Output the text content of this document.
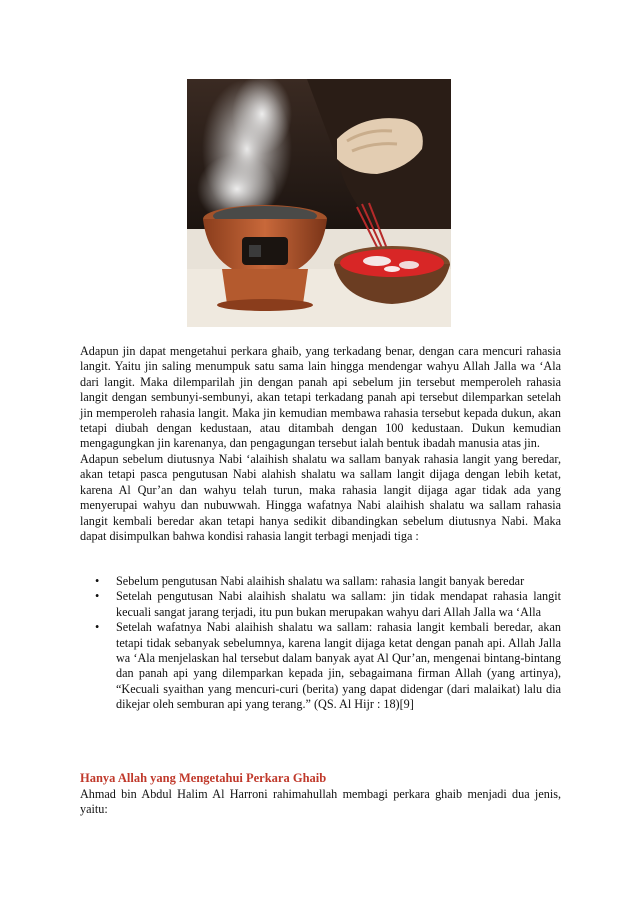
Adapun jin dapat mengetahui perkara ghaib, yang terkadang benar, dengan cara mencuri rahasia langit. Yaitu jin saling menumpuk satu sama lain hingga mendengar wahyu Allah Jalla wa ‘Ala dari langit. Maka dilemparilah jin dengan panah api sebelum jin tersebut memperoleh rahasia langit dengan sembunyi-sembunyi, akan tetapi terkadang panah api tersebut dilemparkan setelah jin memperoleh rahasia langit. Maka jin kemudian membawa rahasia tersebut kepada dukun, akan tetapi diubah dengan kedustaan, atau ditambah dengan 100 kedustaan. Dukun kemudian mengagungkan jin karenanya, dan pengagungan tersebut ialah bentuk ibadah manusia atas jin.

Adapun sebelum diutusnya Nabi ‘alaihish shalatu wa sallam banyak rahasia langit yang beredar, akan tetapi pasca pengutusan Nabi alahish shalatu wa sallam langit dijaga dengan lebih ketat, karena Al Qur’an dan wahyu telah turun, maka rahasia langit dijaga agar tidak ada yang menyerupai wahyu dan nubuwwah. Hingga wafatnya Nabi alaihish shalatu wa sallam rahasia langit kembali beredar akan tetapi hanya sedikit dibandingkan sebelum diutusnya Nabi. Maka dapat disimpulkan bahwa kondisi rahasia langit terbagi menjadi tiga :

• Sebelum pengutusan Nabi alaihish shalatu wa sallam: rahasia langit banyak beredar
• Setelah pengutusan Nabi alaihish shalatu wa sallam: jin tidak mendapat rahasia langit kecuali sangat jarang terjadi, itu pun bukan merupakan wahyu dari Allah Jalla wa ‘Alla
• Setelah wafatnya Nabi alaihish shalatu wa sallam: rahasia langit kembali beredar, akan tetapi tidak sebanyak sebelumnya, karena langit dijaga ketat dengan panah api. Allah Jalla wa ‘Ala menjelaskan hal tersebut dalam banyak ayat Al Qur’an, mengenai bintang-bintang dan panah api yang dilemparkan kepada jin, sebagaimana firman Allah (yang artinya), “Kecuali syaithan yang mencuri-curi (berita) yang dapat didengar (dari malaikat) lalu dia dikejar oleh semburan api yang terang.” (QS. Al Hijr : 18)[9]
Hanya Allah yang Mengetahui Perkara Ghaib

Ahmad bin Abdul Halim Al Harroni rahimahullah membagi perkara ghaib menjadi dua jenis, yaitu:
